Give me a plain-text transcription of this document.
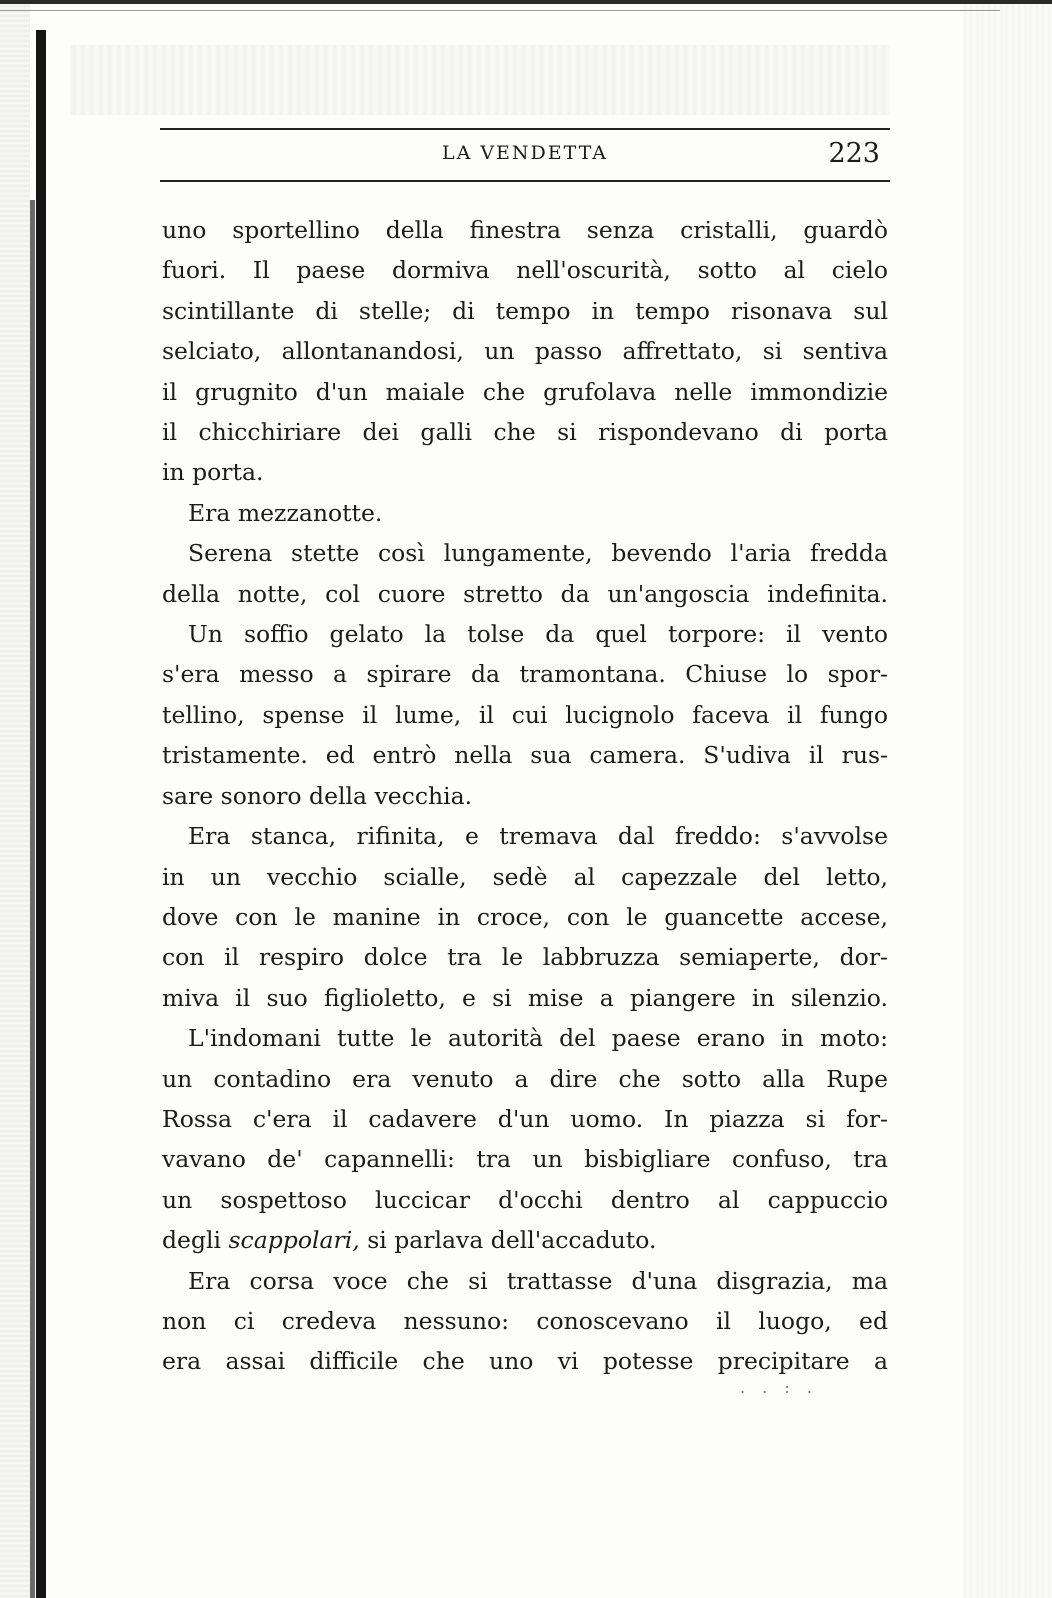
LA VENDETTA	223

uno sportellino della finestra senza cristalli, guardò
fuori. Il paese dormiva nell'oscurità, sotto al cielo
scintillante di stelle; di tempo in tempo risonava sul
selciato, allontanandosi, un passo affrettato, si sentiva
il grugnito d'un maiale che grufolava nelle immondizie
il chicchiriare dei galli che si rispondevano di porta
in porta.

Era mezzanotte.

Serena stette così lungamente, bevendo l'aria fredda
della notte, col cuore stretto da un'angoscia indefinita.

Un soffio gelato la tolse da quel torpore: il vento
s'era messo a spirare da tramontana. Chiuse lo spor-
tellino, spense il lume, il cui lucignolo faceva il fungo
tristamente. ed entrò nella sua camera. S'udiva il rus-
sare sonoro della vecchia.

Era stanca, rifinita, e tremava dal freddo: s'avvolse
in un vecchio scialle, sedè al capezzale del letto,
dove con le manine in croce, con le guancette accese,
con il respiro dolce tra le labbruzza semiaperte, dor-
miva il suo figlioletto, e si mise a piangere in silenzio.

L'indomani tutte le autorità del paese erano in moto:
un contadino era venuto a dire che sotto alla Rupe
Rossa c'era il cadavere d'un uomo. In piazza si for-
vavano de' capannelli: tra un bisbigliare confuso, tra
un sospettoso luccicar d'occhi dentro al cappuccio
degli scappolari, si parlava dell'accaduto.

Era corsa voce che si trattasse d'una disgrazia, ma
non ci credeva nessuno: conoscevano il luogo, ed
era assai difficile che uno vi potesse precipitare a

. . : .
